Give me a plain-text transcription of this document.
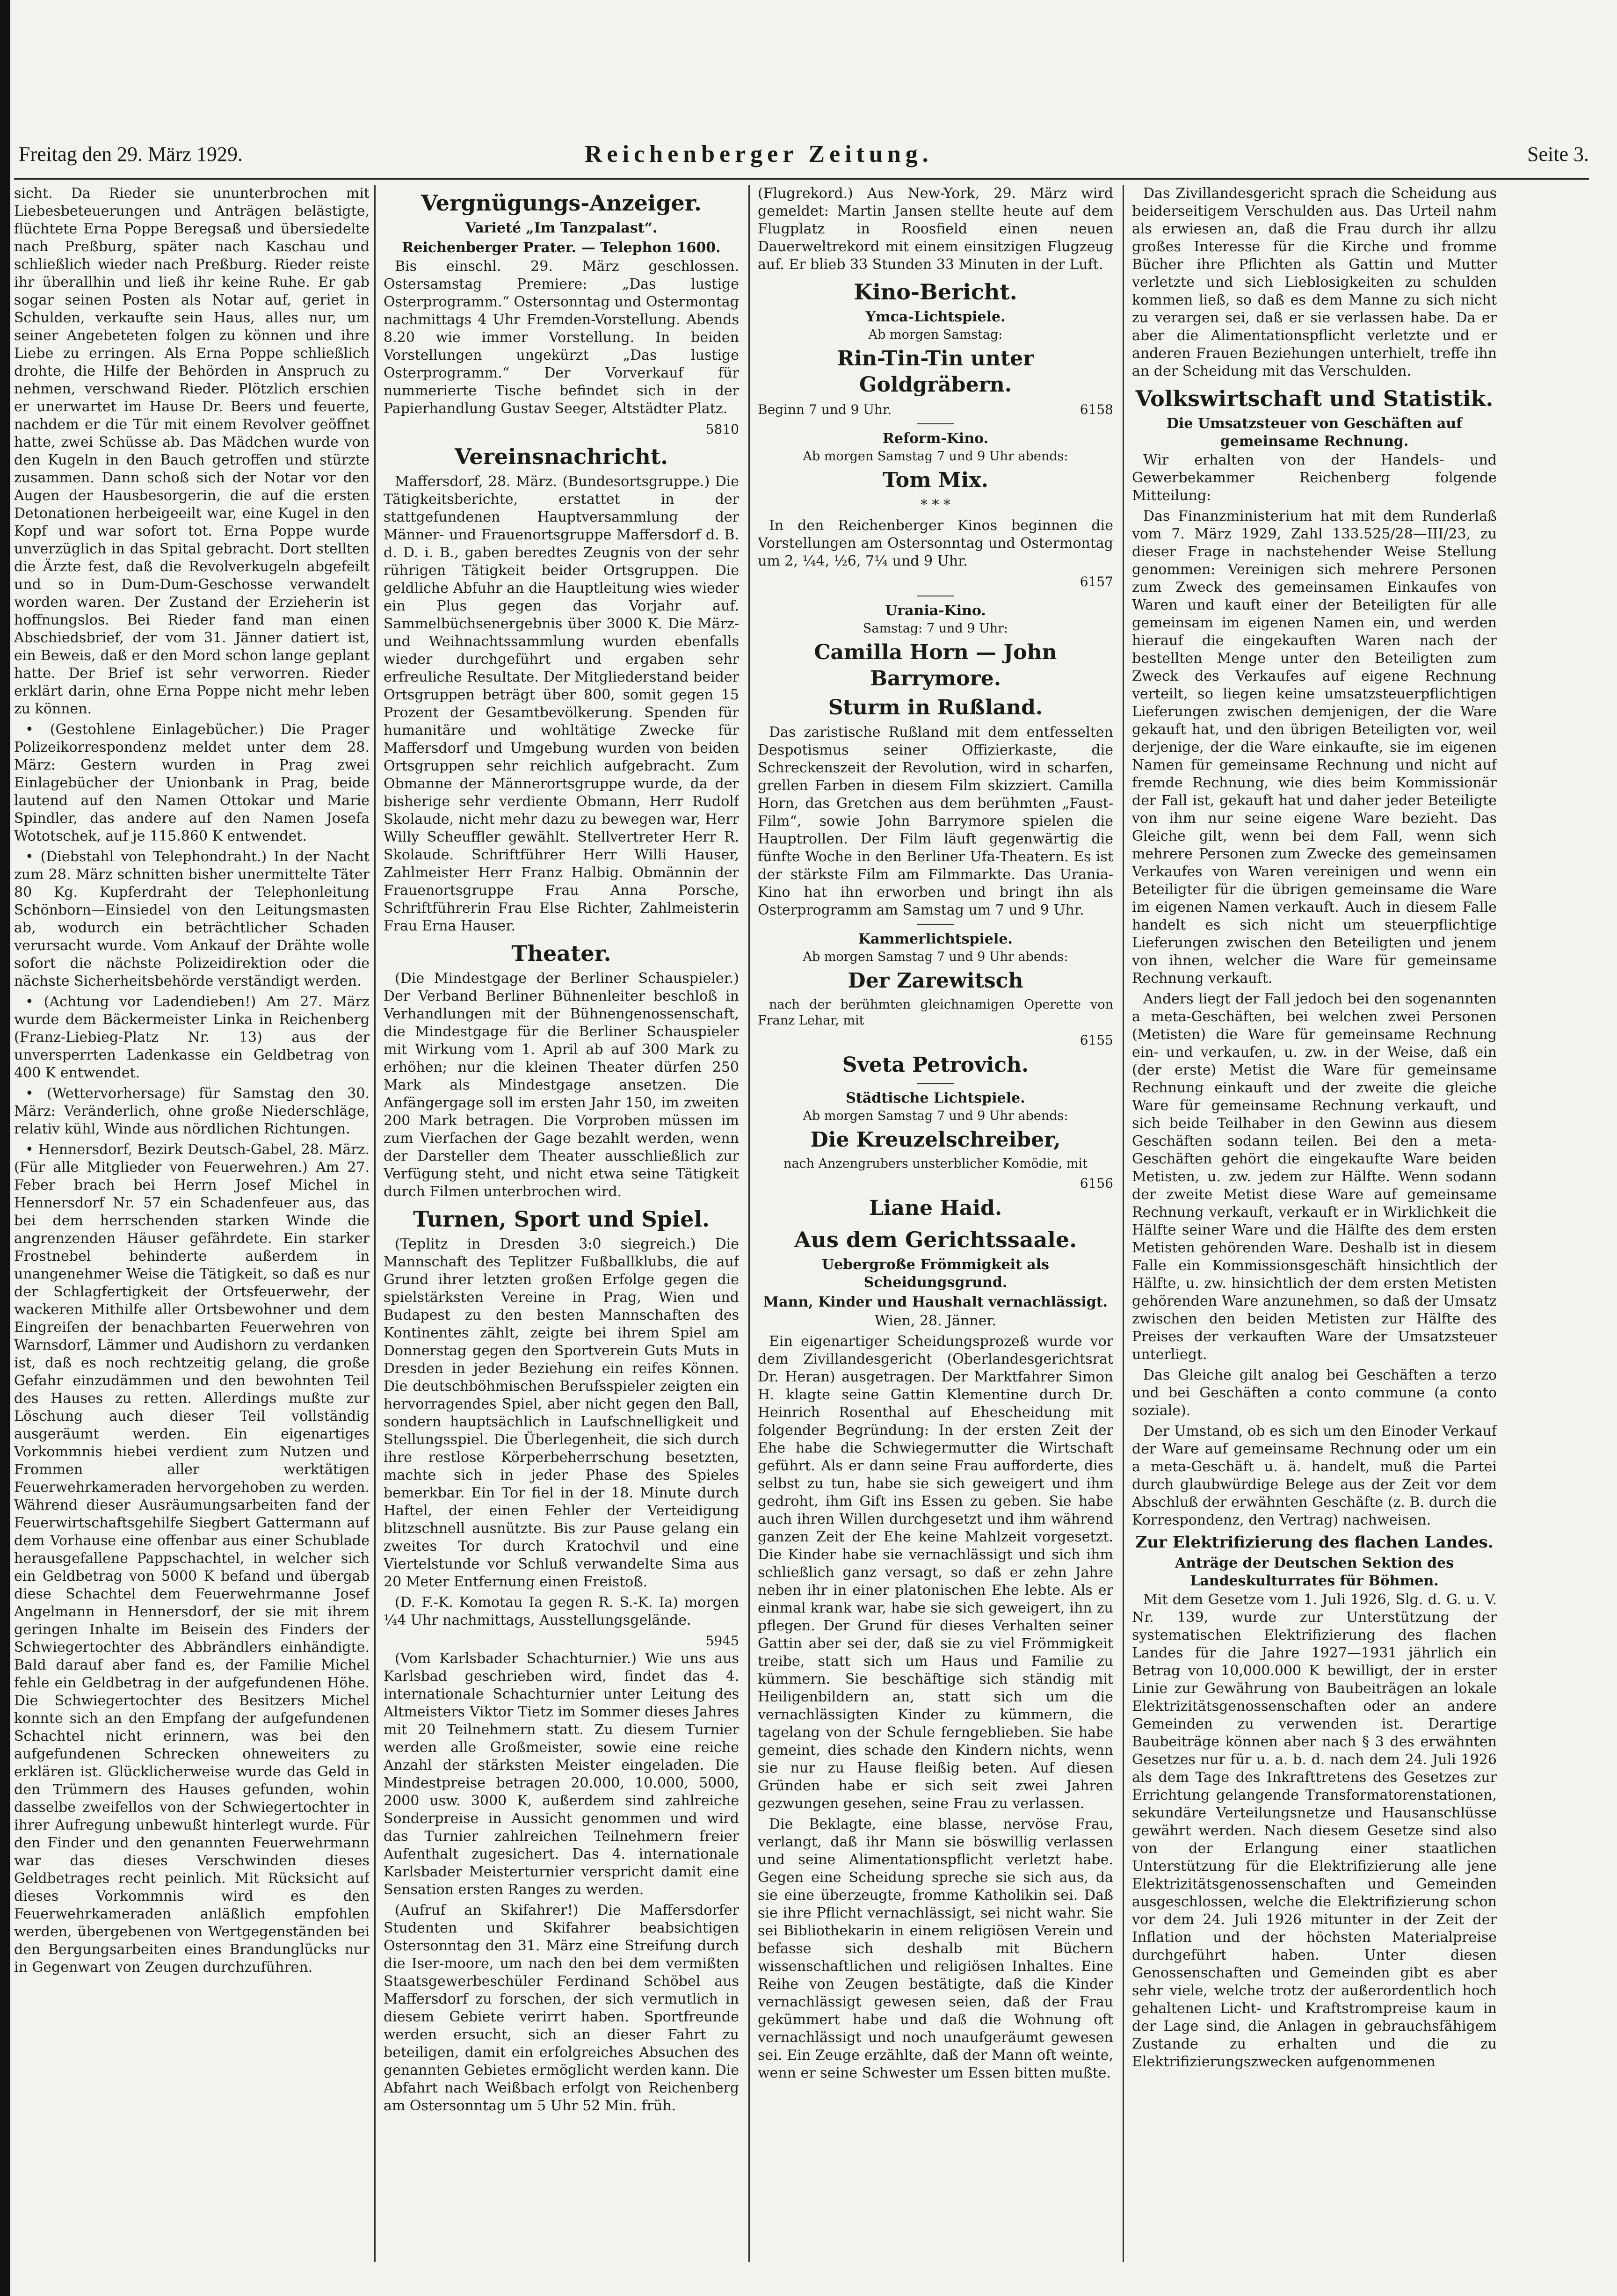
Freitag den 29. März 1929.	Reichenberger Zeitung.	Seite 3.

sicht. Da Rieder sie ununterbrochen mit Liebesbeteuerungen und Anträgen belästigte, flüchtete Erna Poppe Beregsaß und übersiedelte nach Preßburg, später nach Kaschau und schließlich wieder nach Preßburg. Rieder reiste ihr überallhin und ließ ihr keine Ruhe. Er gab sogar seinen Posten als Notar auf, geriet in Schulden, verkaufte sein Haus, alles nur, um seiner Angebeteten folgen zu können und ihre Liebe zu erringen. Als Erna Poppe schließlich drohte, die Hilfe der Behörden in Anspruch zu nehmen, verschwand Rieder. Plötzlich erschien er unerwartet im Hause Dr. Beers und feuerte, nachdem er die Tür mit einem Revolver geöffnet hatte, zwei Schüsse ab. Das Mädchen wurde von den Kugeln in den Bauch getroffen und stürzte zusammen. Dann schoß sich der Notar vor den Augen der Hausbesorgerin, die auf die ersten Detonationen herbeigeeilt war, eine Kugel in den Kopf und war sofort tot. Erna Poppe wurde unverzüglich in das Spital gebracht. Dort stellten die Ärzte fest, daß die Revolverkugeln abgefeilt und so in Dum-Dum-Geschosse verwandelt worden waren. Der Zustand der Erzieherin ist hoffnungslos. Bei Rieder fand man einen Abschiedsbrief, der vom 31. Jänner datiert ist, ein Beweis, daß er den Mord schon lange geplant hatte. Der Brief ist sehr verworren. Rieder erklärt darin, ohne Erna Poppe nicht mehr leben zu können.

• (Gestohlene Einlagebücher.) Die Prager Polizeikorrespondenz meldet unter dem 28. März: Gestern wurden in Prag zwei Einlagebücher der Unionbank in Prag, beide lautend auf den Namen Ottokar und Marie Spindler, das andere auf den Namen Josefa Wototschek, auf je 115.860 K entwendet.

• (Diebstahl von Telephondraht.) In der Nacht zum 28. März schnitten bisher unermittelte Täter 80 Kg. Kupferdraht der Telephonleitung Schönborn—Einsiedel von den Leitungsmasten ab, wodurch ein beträchtlicher Schaden verursacht wurde. Vom Ankauf der Drähte wolle sofort die nächste Polizeidirektion oder die nächste Sicherheitsbehörde verständigt werden.

• (Achtung vor Ladendieben!) Am 27. März wurde dem Bäckermeister Linka in Reichenberg (Franz-Liebieg-Platz Nr. 13) aus der unversperrten Ladenkasse ein Geldbetrag von 400 K entwendet.

• (Wettervorhersage) für Samstag den 30. März: Veränderlich, ohne große Niederschläge, relativ kühl, Winde aus nördlichen Richtungen.

• Hennersdorf, Bezirk Deutsch-Gabel, 28. März. (Für alle Mitglieder von Feuerwehren.) Am 27. Feber brach bei Herrn Josef Michel in Hennersdorf Nr. 57 ein Schadenfeuer aus, das bei dem herrschenden starken Winde die angrenzenden Häuser gefährdete. Ein starker Frostnebel behinderte außerdem in unangenehmer Weise die Tätigkeit, so daß es nur der Schlagfertigkeit der Ortsfeuerwehr, der wackeren Mithilfe aller Ortsbewohner und dem Eingreifen der benachbarten Feuerwehren von Warnsdorf, Lämmer und Audishorn zu verdanken ist, daß es noch rechtzeitig gelang, die große Gefahr einzudämmen und den bewohnten Teil des Hauses zu retten. Allerdings mußte zur Löschung auch dieser Teil vollständig ausgeräumt werden. Ein eigenartiges Vorkommnis hiebei verdient zum Nutzen und Frommen aller werktätigen Feuerwehrkameraden hervorgehoben zu werden. Während dieser Ausräumungsarbeiten fand der Feuerwirtschaftsgehilfe Siegbert Gattermann auf dem Vorhause eine offenbar aus einer Schublade herausgefallene Pappschachtel, in welcher sich ein Geldbetrag von 5000 K befand und übergab diese Schachtel dem Feuerwehrmanne Josef Angelmann in Hennersdorf, der sie mit ihrem geringen Inhalte im Beisein des Finders der Schwiegertochter des Abbrändlers einhändigte. Bald darauf aber fand es, der Familie Michel fehle ein Geldbetrag in der aufgefundenen Höhe. Die Schwiegertochter des Besitzers Michel konnte sich an den Empfang der aufgefundenen Schachtel nicht erinnern, was bei den aufgefundenen Schrecken ohneweiters zu erklären ist. Glücklicherweise wurde das Geld in den Trümmern des Hauses gefunden, wohin dasselbe zweifellos von der Schwiegertochter in ihrer Aufregung unbewußt hinterlegt wurde. Für den Finder und den genannten Feuerwehrmann war das dieses Verschwinden dieses Geldbetrages recht peinlich. Mit Rücksicht auf dieses Vorkommnis wird es den Feuerwehrkameraden anläßlich empfohlen werden, übergebenen von Wertgegenständen bei den Bergungsarbeiten eines Brandunglücks nur in Gegenwart von Zeugen durchzuführen.

Vergnügungs-Anzeiger.
Varieté „Im Tanzpalast“.
Reichenberger Prater. — Telephon 1600.

Bis einschl. 29. März geschlossen. Ostersamstag Premiere: „Das lustige Osterprogramm.“ Ostersonntag und Ostermontag nachmittags 4 Uhr Fremden-Vorstellung. Abends 8.20 wie immer Vorstellung. In beiden Vorstellungen ungekürzt „Das lustige Osterprogramm.“ Der Vorverkauf für nummerierte Tische befindet sich in der Papierhandlung Gustav Seeger, Altstädter Platz.

5810
Vereinsnachricht.

Maffersdorf, 28. März. (Bundesortsgruppe.) Die Tätigkeitsberichte, erstattet in der stattgefundenen Hauptversammlung der Männer- und Frauenortsgruppe Maffersdorf d. B. d. D. i. B., gaben beredtes Zeugnis von der sehr rührigen Tätigkeit beider Ortsgruppen. Die geldliche Abfuhr an die Hauptleitung wies wieder ein Plus gegen das Vorjahr auf. Sammelbüchsenergebnis über 3000 K. Die März- und Weihnachtssammlung wurden ebenfalls wieder durchgeführt und ergaben sehr erfreuliche Resultate. Der Mitgliederstand beider Ortsgruppen beträgt über 800, somit gegen 15 Prozent der Gesamtbevölkerung. Spenden für humanitäre und wohltätige Zwecke für Maffersdorf und Umgebung wurden von beiden Ortsgruppen sehr reichlich aufgebracht. Zum Obmanne der Männerortsgruppe wurde, da der bisherige sehr verdiente Obmann, Herr Rudolf Skolaude, nicht mehr dazu zu bewegen war, Herr Willy Scheuffler gewählt. Stellvertreter Herr R. Skolaude. Schriftführer Herr Willi Hauser, Zahlmeister Herr Franz Halbig. Obmännin der Frauenortsgruppe Frau Anna Porsche, Schriftführerin Frau Else Richter, Zahlmeisterin Frau Erna Hauser.

Theater.

(Die Mindestgage der Berliner Schauspieler.) Der Verband Berliner Bühnenleiter beschloß in Verhandlungen mit der Bühnengenossenschaft, die Mindestgage für die Berliner Schauspieler mit Wirkung vom 1. April ab auf 300 Mark zu erhöhen; nur die kleinen Theater dürfen 250 Mark als Mindestgage ansetzen. Die Anfängergage soll im ersten Jahr 150, im zweiten 200 Mark betragen. Die Vorproben müssen im zum Vierfachen der Gage bezahlt werden, wenn der Darsteller dem Theater ausschließlich zur Verfügung steht, und nicht etwa seine Tätigkeit durch Filmen unterbrochen wird.

Turnen, Sport und Spiel.

(Teplitz in Dresden 3:0 siegreich.) Die Mannschaft des Teplitzer Fußballklubs, die auf Grund ihrer letzten großen Erfolge gegen die spielstärksten Vereine in Prag, Wien und Budapest zu den besten Mannschaften des Kontinentes zählt, zeigte bei ihrem Spiel am Donnerstag gegen den Sportverein Guts Muts in Dresden in jeder Beziehung ein reifes Können. Die deutschböhmischen Berufsspieler zeigten ein hervorragendes Spiel, aber nicht gegen den Ball, sondern hauptsächlich in Laufschnelligkeit und Stellungsspiel. Die Überlegenheit, die sich durch ihre restlose Körperbeherrschung besetzten, machte sich in jeder Phase des Spieles bemerkbar. Ein Tor fiel in der 18. Minute durch Haftel, der einen Fehler der Verteidigung blitzschnell ausnützte. Bis zur Pause gelang ein zweites Tor durch Kratochvil und eine Viertelstunde vor Schluß verwandelte Sima aus 20 Meter Entfernung einen Freistoß.

(D. F.-K. Komotau Ia gegen R. S.-K. Ia) morgen ¼4 Uhr nachmittags, Ausstellungsgelände.

5945

(Vom Karlsbader Schachturnier.) Wie uns aus Karlsbad geschrieben wird, findet das 4. internationale Schachturnier unter Leitung des Altmeisters Viktor Tietz im Sommer dieses Jahres mit 20 Teilnehmern statt. Zu diesem Turnier werden alle Großmeister, sowie eine reiche Anzahl der stärksten Meister eingeladen. Die Mindestpreise betragen 20.000, 10.000, 5000, 2000 usw. 3000 K, außerdem sind zahlreiche Sonderpreise in Aussicht genommen und wird das Turnier zahlreichen Teilnehmern freier Aufenthalt zugesichert. Das 4. internationale Karlsbader Meisterturnier verspricht damit eine Sensation ersten Ranges zu werden.

(Aufruf an Skifahrer!) Die Maffersdorfer Studenten und Skifahrer beabsichtigen Ostersonntag den 31. März eine Streifung durch die Iser-moore, um nach den bei dem vermißten Staatsgewerbeschüler Ferdinand Schöbel aus Maffersdorf zu forschen, der sich vermutlich in diesem Gebiete verirrt haben. Sportfreunde werden ersucht, sich an dieser Fahrt zu beteiligen, damit ein erfolgreiches Absuchen des genannten Gebietes ermöglicht werden kann. Die Abfahrt nach Weißbach erfolgt von Reichenberg am Ostersonntag um 5 Uhr 52 Min. früh.

(Flugrekord.) Aus New-York, 29. März wird gemeldet: Martin Jansen stellte heute auf dem Flugplatz in Roosfield einen neuen Dauerweltrekord mit einem einsitzigen Flugzeug auf. Er blieb 33 Stunden 33 Minuten in der Luft.

Kino-Bericht.
Ymca-Lichtspiele.

Ab morgen Samstag:

Rin-Tin-Tin unter Goldgräbern.
Beginn 7 und 9 Uhr.	6158
Reform-Kino.

Ab morgen Samstag 7 und 9 Uhr abends:

Tom Mix.

* * *

In den Reichenberger Kinos beginnen die Vorstellungen am Ostersonntag und Ostermontag um 2, ¼4, ½6, 7¼ und 9 Uhr.

6157
Urania-Kino.

Samstag: 7 und 9 Uhr:

Camilla Horn — John Barrymore.
Sturm in Rußland.

Das zaristische Rußland mit dem entfesselten Despotismus seiner Offizierkaste, die Schreckenszeit der Revolution, wird in scharfen, grellen Farben in diesem Film skizziert. Camilla Horn, das Gretchen aus dem berühmten „Faust-Film“, sowie John Barrymore spielen die Hauptrollen. Der Film läuft gegenwärtig die fünfte Woche in den Berliner Ufa-Theatern. Es ist der stärkste Film am Filmmarkte. Das Urania-Kino hat ihn erworben und bringt ihn als Osterprogramm am Samstag um 7 und 9 Uhr.

Kammerlichtspiele.

Ab morgen Samstag 7 und 9 Uhr abends:

Der Zarewitsch

nach der berühmten gleichnamigen Operette von Franz Lehar, mit

6155
Sveta Petrovich.
Städtische Lichtspiele.

Ab morgen Samstag 7 und 9 Uhr abends:

Die Kreuzelschreiber,

nach Anzengrubers unsterblicher Komödie, mit

6156
Liane Haid.
Aus dem Gerichtssaale.
Uebergroße Frömmigkeit als Scheidungsgrund.
Mann, Kinder und Haushalt vernachlässigt.

Wien, 28. Jänner.

Ein eigenartiger Scheidungsprozeß wurde vor dem Zivillandesgericht (Oberlandesgerichtsrat Dr. Heran) ausgetragen. Der Marktfahrer Simon H. klagte seine Gattin Klementine durch Dr. Heinrich Rosenthal auf Ehescheidung mit folgender Begründung: In der ersten Zeit der Ehe habe die Schwiegermutter die Wirtschaft geführt. Als er dann seine Frau aufforderte, dies selbst zu tun, habe sie sich geweigert und ihm gedroht, ihm Gift ins Essen zu geben. Sie habe auch ihren Willen durchgesetzt und ihm während ganzen Zeit der Ehe keine Mahlzeit vorgesetzt. Die Kinder habe sie vernachlässigt und sich ihm schließlich ganz versagt, so daß er zehn Jahre neben ihr in einer platonischen Ehe lebte. Als er einmal krank war, habe sie sich geweigert, ihn zu pflegen. Der Grund für dieses Verhalten seiner Gattin aber sei der, daß sie zu viel Frömmigkeit treibe, statt sich um Haus und Familie zu kümmern. Sie beschäftige sich ständig mit Heiligenbildern an, statt sich um die vernachlässigten Kinder zu kümmern, die tagelang von der Schule ferngeblieben. Sie habe gemeint, dies schade den Kindern nichts, wenn sie nur zu Hause fleißig beten. Auf diesen Gründen habe er sich seit zwei Jahren gezwungen gesehen, seine Frau zu verlassen.

Die Beklagte, eine blasse, nervöse Frau, verlangt, daß ihr Mann sie böswillig verlassen und seine Alimentationspflicht verletzt habe. Gegen eine Scheidung spreche sie sich aus, da sie eine überzeugte, fromme Katholikin sei. Daß sie ihre Pflicht vernachlässigt, sei nicht wahr. Sie sei Bibliothekarin in einem religiösen Verein und befasse sich deshalb mit Büchern wissenschaftlichen und religiösen Inhaltes. Eine Reihe von Zeugen bestätigte, daß die Kinder vernachlässigt gewesen seien, daß der Frau gekümmert habe und daß die Wohnung oft vernachlässigt und noch unaufgeräumt gewesen sei. Ein Zeuge erzählte, daß der Mann oft weinte, wenn er seine Schwester um Essen bitten mußte.

Das Zivillandesgericht sprach die Scheidung aus beiderseitigem Verschulden aus. Das Urteil nahm als erwiesen an, daß die Frau durch ihr allzu großes Interesse für die Kirche und fromme Bücher ihre Pflichten als Gattin und Mutter verletzte und sich Lieblosigkeiten zu schulden kommen ließ, so daß es dem Manne zu sich nicht zu verargen sei, daß er sie verlassen habe. Da er aber die Alimentationspflicht verletzte und er anderen Frauen Beziehungen unterhielt, treffe ihn an der Scheidung mit das Verschulden.

Volkswirtschaft und Statistik.
Die Umsatzsteuer von Geschäften auf gemeinsame Rechnung.

Wir erhalten von der Handels- und Gewerbekammer Reichenberg folgende Mitteilung:

Das Finanzministerium hat mit dem Runderlaß vom 7. März 1929, Zahl 133.525/28—III/23, zu dieser Frage in nachstehender Weise Stellung genommen: Vereinigen sich mehrere Personen zum Zweck des gemeinsamen Einkaufes von Waren und kauft einer der Beteiligten für alle gemeinsam im eigenen Namen ein, und werden hierauf die eingekauften Waren nach der bestellten Menge unter den Beteiligten zum Zweck des Verkaufes auf eigene Rechnung verteilt, so liegen keine umsatzsteuerpflichtigen Lieferungen zwischen demjenigen, der die Ware gekauft hat, und den übrigen Beteiligten vor, weil derjenige, der die Ware einkaufte, sie im eigenen Namen für gemeinsame Rechnung und nicht auf fremde Rechnung, wie dies beim Kommissionär der Fall ist, gekauft hat und daher jeder Beteiligte von ihm nur seine eigene Ware bezieht. Das Gleiche gilt, wenn bei dem Fall, wenn sich mehrere Personen zum Zwecke des gemeinsamen Verkaufes von Waren vereinigen und wenn ein Beteiligter für die übrigen gemeinsame die Ware im eigenen Namen verkauft. Auch in diesem Falle handelt es sich nicht um steuerpflichtige Lieferungen zwischen den Beteiligten und jenem von ihnen, welcher die Ware für gemeinsame Rechnung verkauft.

Anders liegt der Fall jedoch bei den sogenannten a meta-Geschäften, bei welchen zwei Personen (Metisten) die Ware für gemeinsame Rechnung ein- und verkaufen, u. zw. in der Weise, daß ein (der erste) Metist die Ware für gemeinsame Rechnung einkauft und der zweite die gleiche Ware für gemeinsame Rechnung verkauft, und sich beide Teilhaber in den Gewinn aus diesem Geschäften sodann teilen. Bei den a meta-Geschäften gehört die eingekaufte Ware beiden Metisten, u. zw. jedem zur Hälfte. Wenn sodann der zweite Metist diese Ware auf gemeinsame Rechnung verkauft, verkauft er in Wirklichkeit die Hälfte seiner Ware und die Hälfte des dem ersten Metisten gehörenden Ware. Deshalb ist in diesem Falle ein Kommissionsgeschäft hinsichtlich der Hälfte, u. zw. hinsichtlich der dem ersten Metisten gehörenden Ware anzunehmen, so daß der Umsatz zwischen den beiden Metisten zur Hälfte des Preises der verkauften Ware der Umsatzsteuer unterliegt.

Das Gleiche gilt analog bei Geschäften a terzo und bei Geschäften a conto commune (a conto soziale).

Der Umstand, ob es sich um den Einoder Verkauf der Ware auf gemeinsame Rechnung oder um ein a meta-Geschäft u. ä. handelt, muß die Partei durch glaubwürdige Belege aus der Zeit vor dem Abschluß der erwähnten Geschäfte (z. B. durch die Korrespondenz, den Vertrag) nachweisen.

Zur Elektrifizierung des flachen Landes.
Anträge der Deutschen Sektion des Landeskulturrates für Böhmen.

Mit dem Gesetze vom 1. Juli 1926, Slg. d. G. u. V. Nr. 139, wurde zur Unterstützung der systematischen Elektrifizierung des flachen Landes für die Jahre 1927—1931 jährlich ein Betrag von 10,000.000 K bewilligt, der in erster Linie zur Gewährung von Baubeiträgen an lokale Elektrizitätsgenossenschaften oder an andere Gemeinden zu verwenden ist. Derartige Baubeiträge können aber nach § 3 des erwähnten Gesetzes nur für u. a. b. d. nach dem 24. Juli 1926 als dem Tage des Inkrafttretens des Gesetzes zur Errichtung gelangende Transformatorenstationen, sekundäre Verteilungsnetze und Hausanschlüsse gewährt werden. Nach diesem Gesetze sind also von der Erlangung einer staatlichen Unterstützung für die Elektrifizierung alle jene Elektrizitätsgenossenschaften und Gemeinden ausgeschlossen, welche die Elektrifizierung schon vor dem 24. Juli 1926 mitunter in der Zeit der Inflation und der höchsten Materialpreise durchgeführt haben. Unter diesen Genossenschaften und Gemeinden gibt es aber sehr viele, welche trotz der außerordentlich hoch gehaltenen Licht- und Kraftstrompreise kaum in der Lage sind, die Anlagen in gebrauchsfähigem Zustande zu erhalten und die zu Elektrifizierungszwecken aufgenommenen
